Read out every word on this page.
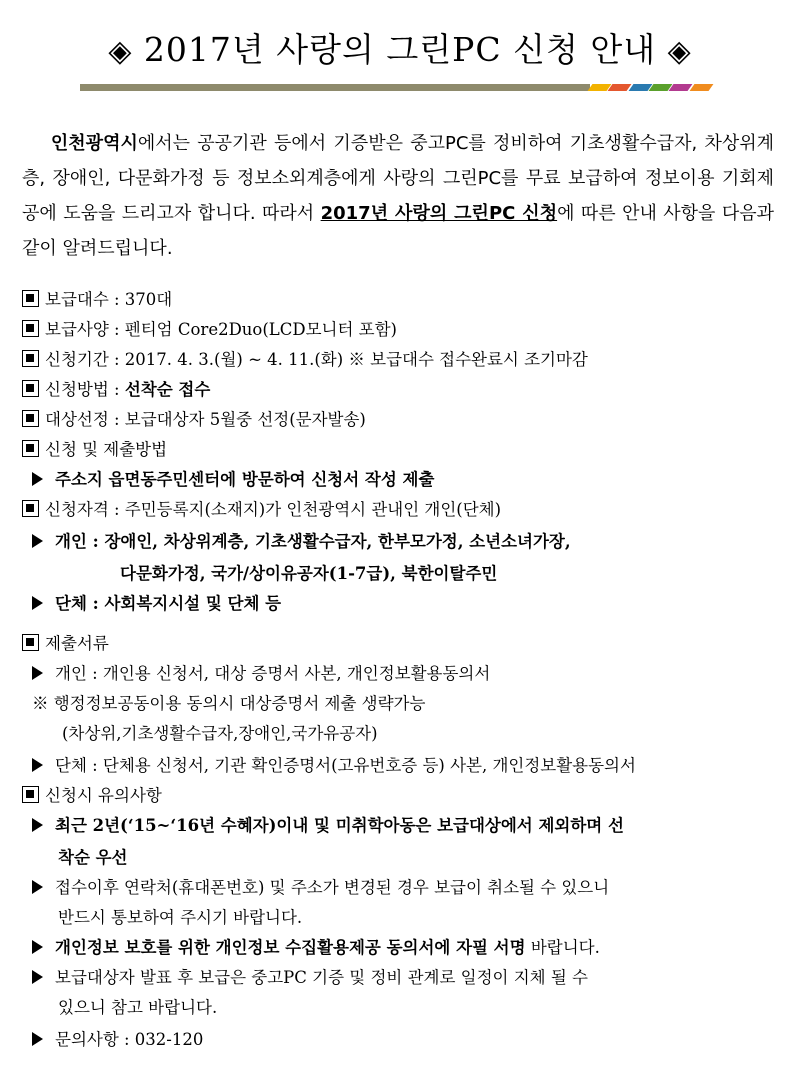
◈ 2017년 사랑의 그린PC 신청 안내 ◈
인천광역시에서는 공공기관 등에서 기증받은 중고PC를 정비하여 기초생활수급자, 차상위계층, 장애인, 다문화가정 등 정보소외계층에게 사랑의 그린PC를 무료 보급하여 정보이용 기회제공에 도움을 드리고자 합니다. 따라서 2017년 사랑의 그린PC 신청에 따른 안내 사항을 다음과 같이 알려드립니다.
보급대수 : 370대
보급사양 : 펜티엄 Core2Duo(LCD모니터 포함)
신청기간 : 2017. 4. 3.(월) ~ 4. 11.(화) ※ 보급대수 접수완료시 조기마감
신청방법 : 선착순 접수
대상선정 : 보급대상자 5월중 선정(문자발송)
신청 및 제출방법
주소지 읍면동주민센터에 방문하여 신청서 작성 제출
신청자격 : 주민등록지(소재지)가 인천광역시 관내인 개인(단체)
개인 : 장애인, 차상위계층, 기초생활수급자, 한부모가정, 소년소녀가장,
다문화가정, 국가/상이유공자(1-7급), 북한이탈주민
단체 : 사회복지시설 및 단체 등
제출서류
개인 : 개인용 신청서, 대상 증명서 사본, 개인정보활용동의서
※ 행정정보공동이용 동의시 대상증명서 제출 생략가능
(차상위,기초생활수급자,장애인,국가유공자)
단체 : 단체용 신청서, 기관 확인증명서(고유번호증 등) 사본, 개인정보활용동의서
신청시 유의사항
최근 2년(‘15~‘16년 수혜자)이내 및 미취학아동은 보급대상에서 제외하며 선
착순 우선
접수이후 연락처(휴대폰번호) 및 주소가 변경된 경우 보급이 취소될 수 있으니
반드시 통보하여 주시기 바랍니다.
개인정보 보호를 위한 개인정보 수집활용제공 동의서에 자필 서명 바랍니다.
보급대상자 발표 후 보급은 중고PC 기증 및 정비 관계로 일정이 지체 될 수
있으니 참고 바랍니다.
문의사항 : 032-120
